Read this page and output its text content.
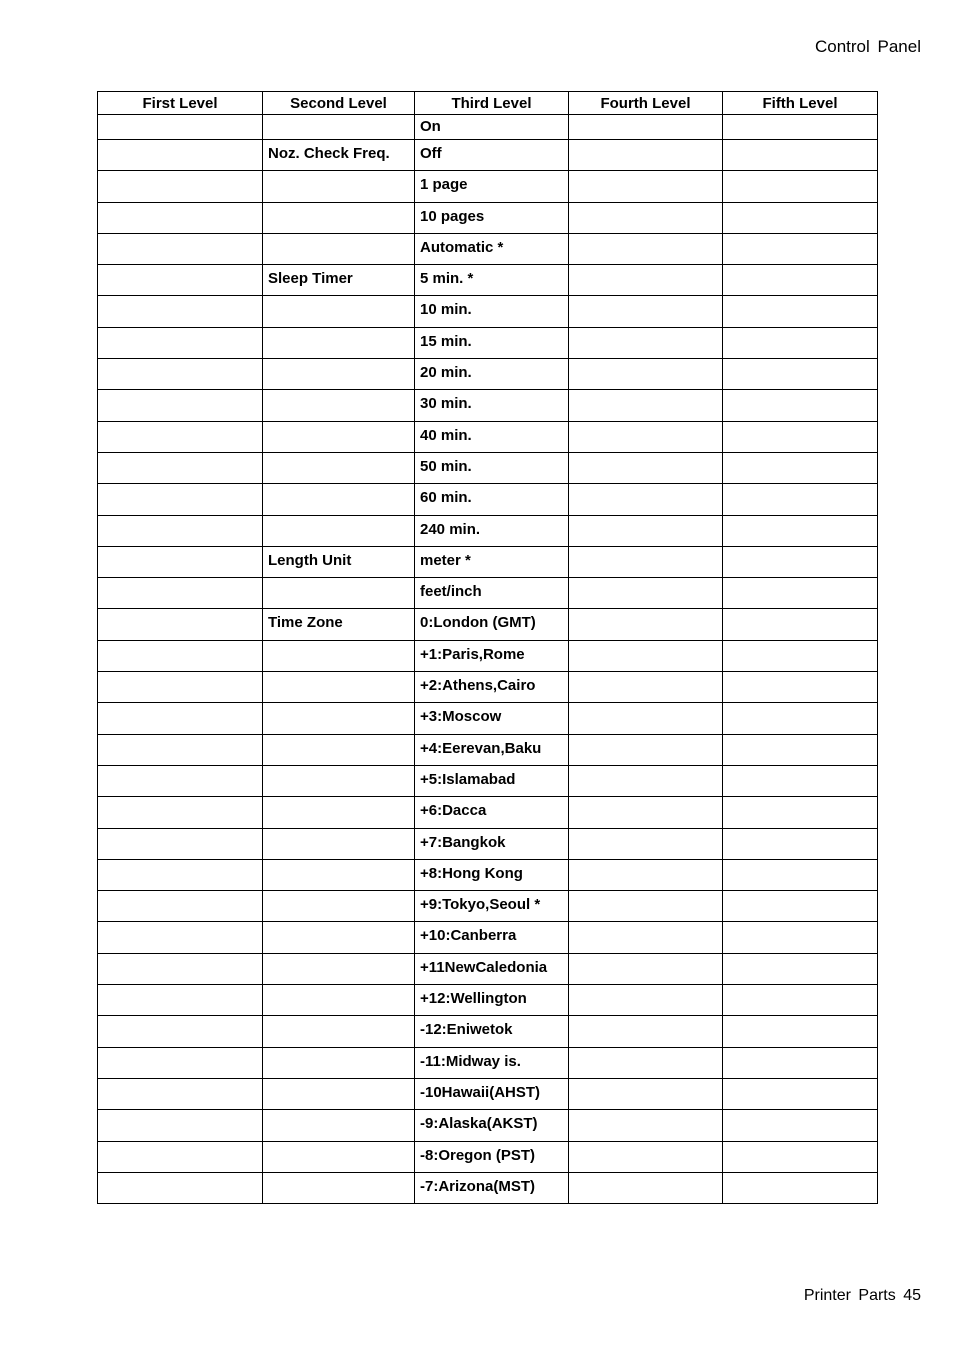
Control Panel
First Level	Second Level	Third Level	Fourth Level	Fifth Level
		On		
	Noz. Check Freq.	Off		
		1 page		
		10 pages		
		Automatic *		
	Sleep Timer	5 min. *		
		10 min.		
		15 min.		
		20 min.		
		30 min.		
		40 min.		
		50 min.		
		60 min.		
		240 min.		
	Length Unit	meter *		
		feet/inch		
	Time Zone	0:London (GMT)		
		+1:Paris,Rome		
		+2:Athens,Cairo		
		+3:Moscow		
		+4:Eerevan,Baku		
		+5:Islamabad		
		+6:Dacca		
		+7:Bangkok		
		+8:Hong Kong		
		+9:Tokyo,Seoul *		
		+10:Canberra		
		+11NewCaledonia		
		+12:Wellington		
		-12:Eniwetok		
		-11:Midway is.		
		-10Hawaii(AHST)		
		-9:Alaska(AKST)		
		-8:Oregon (PST)		
		-7:Arizona(MST)		
Printer Parts 45
